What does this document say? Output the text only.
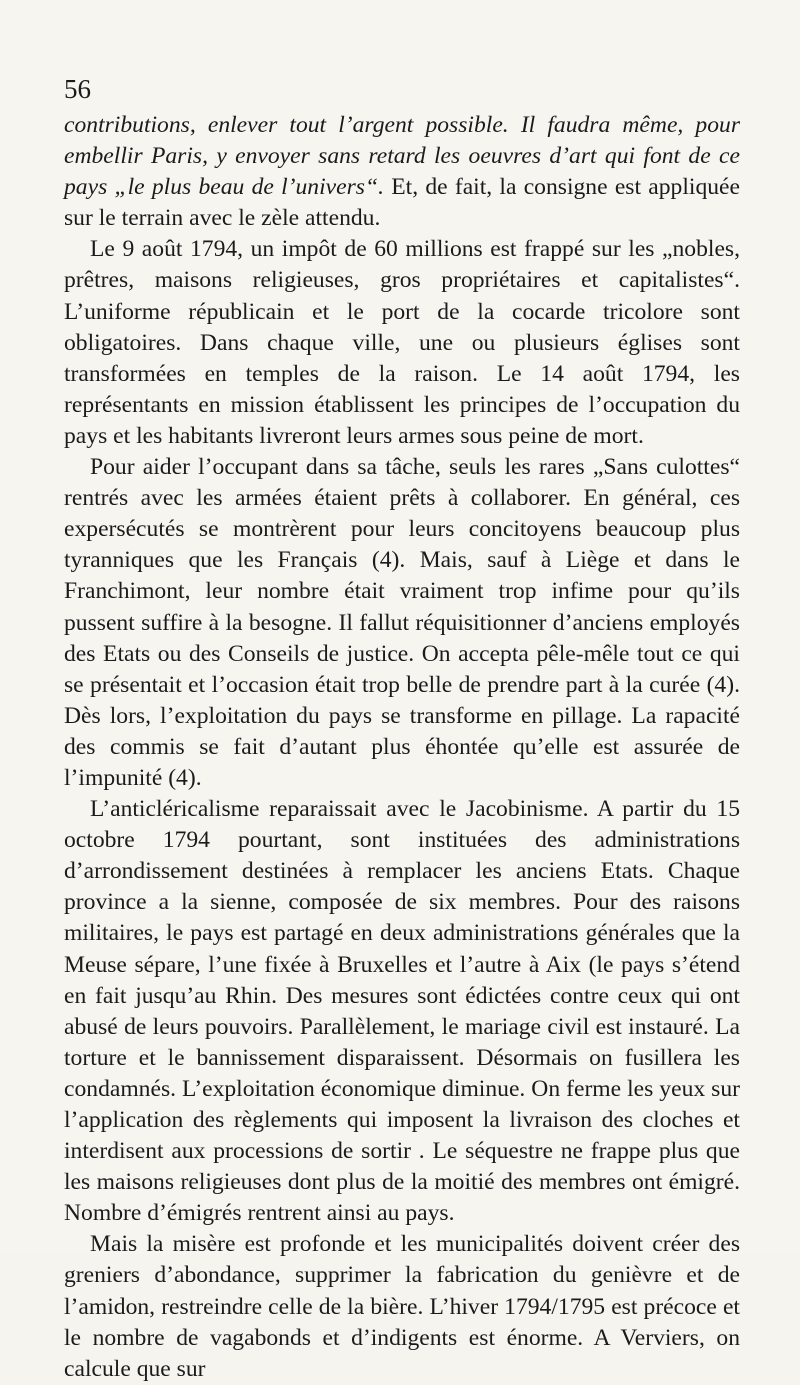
56

contributions, enlever tout l’argent possible. Il faudra même, pour embellir Paris, y envoyer sans retard les oeuvres d’art qui font de ce pays „le plus beau de l’univers“. Et, de fait, la consigne est appliquée sur le terrain avec le zèle attendu.

Le 9 août 1794, un impôt de 60 millions est frappé sur les „nobles, prêtres, maisons religieuses, gros propriétaires et capitalistes“. L’uniforme républicain et le port de la cocarde tricolore sont obligatoires. Dans chaque ville, une ou plusieurs églises sont transformées en temples de la raison. Le 14 août 1794, les représentants en mission établissent les principes de l’occupation du pays et les habitants livreront leurs armes sous peine de mort.

Pour aider l’occupant dans sa tâche, seuls les rares „Sans culottes“ rentrés avec les armées étaient prêts à collaborer. En général, ces expersécutés se montrèrent pour leurs concitoyens beaucoup plus tyranniques que les Français (4). Mais, sauf à Liège et dans le Franchimont, leur nombre était vraiment trop infime pour qu’ils pussent suffire à la besogne. Il fallut réquisitionner d’anciens employés des Etats ou des Conseils de justice. On accepta pêle-mêle tout ce qui se présentait et l’occasion était trop belle de prendre part à la curée (4). Dès lors, l’exploitation du pays se transforme en pillage. La rapacité des commis se fait d’autant plus éhontée qu’elle est assurée de l’impunité (4).

L’anticléricalisme reparaissait avec le Jacobinisme. A partir du 15 octobre 1794 pourtant, sont instituées des administrations d’arrondissement destinées à remplacer les anciens Etats. Chaque province a la sienne, composée de six membres. Pour des raisons militaires, le pays est partagé en deux administrations générales que la Meuse sépare, l’une fixée à Bruxelles et l’autre à Aix (le pays s’étend en fait jusqu’au Rhin. Des mesures sont édictées contre ceux qui ont abusé de leurs pouvoirs. Parallèlement, le mariage civil est instauré. La torture et le bannissement disparaissent. Désormais on fusillera les condamnés. L’exploitation économique diminue. On ferme les yeux sur l’application des règlements qui imposent la livraison des cloches et interdisent aux processions de sortir . Le séquestre ne frappe plus que les maisons religieuses dont plus de la moitié des membres ont émigré. Nombre d’émigrés rentrent ainsi au pays.

Mais la misère est profonde et les municipalités doivent créer des greniers d’abondance, supprimer la fabrication du genièvre et de l’amidon, restreindre celle de la bière. L’hiver 1794/1795 est précoce et le nombre de vagabonds et d’indigents est énorme. A Verviers, on calcule que sur
